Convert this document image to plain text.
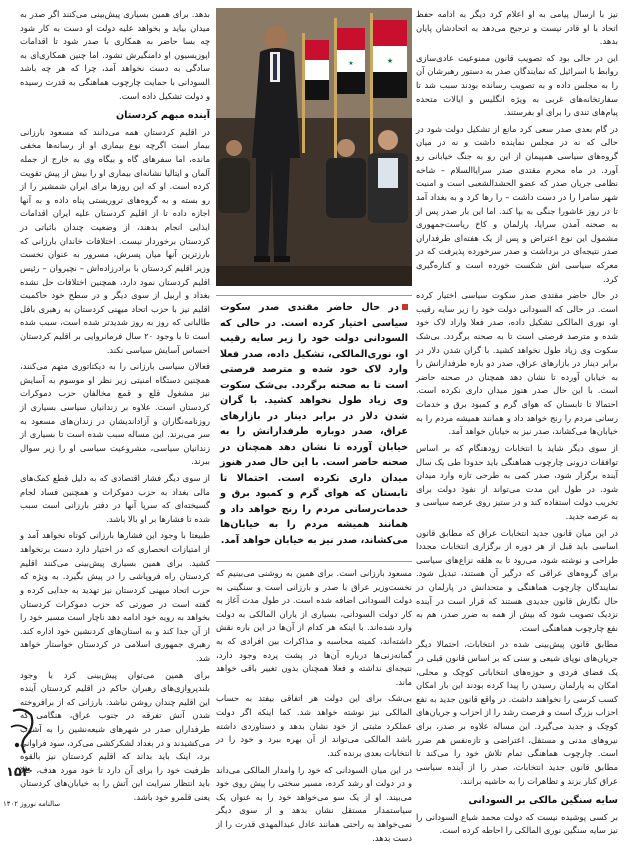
نیز با ارسال پیامی به او اعلام کرد دیگر به ادامه حفظ اتحاد با او قادر نیست و ترجیح می‌دهد به اتحادشان پایان بدهد.

این در حالی بود که تصویب قانون ممنوعیت عادی‌سازی روابط با اسرائیل که نمایندگان صدر به دستور رهبرشان آن را به مجلس داده و به تصویب رسانده بودند سبب شد تا سفارتخانه‌های غربی به ویژه انگلیس و ایالات متحده پیام‌های تندی را برای او بفرستند.

در گام بعدی صدر سعی کرد مانع از تشکیل دولت شود در حالی که نه در مجلس نماینده داشت و نه در میان گروه‌های سیاسی همپیمان از این رو به جنگ خیابانی رو آورد. در ماه محرم مقتدی صدر سرایاالسلام – شاخه نظامی جریان صدر که عضو الحشدالشعبی است و امنیت شهر سامرا را در دست داشت – را رها کرد و به بغداد آمد تا در روز عاشورا جنگی به بپا کند. اما این بار صدر پس از به صحنه آمدن سرایا، پارلمان و کاخ ریاست‌جمهوری مشمول این نوع اعتراض و پس از یک هفته‌ای طرفداران صدر نتیجه‌ای در برداشت و صدر سرخورده پذیرفت که در معرکه سیاسی اش شکست خورده است و کناره‌گیری کرد.

در حال حاضر مقتدی صدر سکوت سیاسی اختیار کرده است. در حالی که السودانی دولت خود را زیر سایه رقیب او، نوری المالکی تشکیل داده، صدر فعلا واراد لاک خود شده و مترصد فرصتی است تا به صحنه برگردد. بی‌شک سکوت وی زیاد طول نخواهد کشید. با گران شدن دلار در برابر دینار در بازارهای عراق، صدر دو باره طرفدارانش را به خیابان آورده تا نشان دهد همچنان در صحنه حاضر است. با این حال صدر هنوز میدان داری نکرده است. احتمالا تا تابستان که هوای گرم و کمبود برق و خدمات رسانی مردم را رنج خواهد داد و همانند همیشه مردم را به خیابان‌ها می‌کشاند، صدر نیز به خیابان خواهد آمد.

از سوی دیگر شاید با انتخابات زودهنگام که بر اساس توافقات درونی چارچوب هماهنگی باید حدودا طی یک سال آینده برگزار شود، صدر کمی به طرحی تازه وارد میدان شود. در طول این مدت می‌تواند از نفوذ دولت برای تخریب دولت استفاده کند و در ستیز روی عرصه سیاسی و به عرصه جدید.

در این میان قانون جدید انتخابات عراق که مطابق قانون اساسی باید قبل از هر دوره از برگزاری انتخابات مجددا طراحی و نوشته شود، می‌رود تا به هلقه نزاع‌های سیاسی برای گروه‌های عراقی که درگیر آن هستند، تبدیل شود. نمایندگان چارچوب هماهنگی و متحدانش در پارلمان در حال نگارش قانون جدیدی هستند که قرار است در آینده نزدیک تصویب شود که بیش از همه به ضرر صدر، هم به نفع چارچوب هماهنگی است.

مطابق قانون پیش‌بینی شده در انتخابات، احتمالا دیگر جریان‌های نوپای شیعی و سنی که بر اساس قانون قبلی در یک فضای فردی و حوزه‌های انتخاباتی کوچک و محلی، امکان به پارلمان رسیدن را پیدا کرده بودند این بار امکان کسب کرسی را نخواهند داشت. در واقع قانون جدید به نفع احزاب بزرگ است و فرصت رشد را از احزاب و جریان‌های کوچک و جدید می‌گیرد. این مساله علاوه بر صدر، برای نیروهای مدنی و مستقل، اعتراضی و تازه‌نفس هم ضرر است. چارچوب هماهنگی تمام تلاش خود را می‌کند تا مطابق قانون جدید انتخابات، صدر را از آینده سیاسی عراق کنار بزند و تظاهرات را به حاشیه برانند.

سایه سنگین مالکی بر السودانی

بر کسی پوشیده نیست که دولت محمد شیاع السودانی را نیز سایه سنگین نوری المالکی را احاطه کرده است.

★	★

در حال حاضر مقتدی صدر سکوت سیاسی اختیار کرده است. در حالی که السودانی دولت خود را زیر سایه رقیب او، نوری‌المالکی، تشکیل داده، صدر فعلا وارد لاک خود شده و مترصد فرصتی است تا به صحنه برگردد. بی‌شک سکوت وی زیاد طول نخواهد کشید. با گران شدن دلار در برابر دینار در بازارهای عراق، صدر دوباره طرفدارانش را به خیابان آورده تا نشان دهد همچنان در صحنه حاضر است. با این حال صدر هنوز میدان داری نکرده است. احتمالا تا تابستان که هوای گرم و کمبود برق و خدمات‌رسانی مردم را رنج خواهد داد و همانند همیشه مردم را به خیابان‌ها می‌کشاند، صدر نیز به خیابان خواهد آمد.

مسعود بارزانی است. برای همین به روشنی می‌بینیم که نخست‌وزیر عراق با صدر و بارزانی است و سنگینی به دولت السودانی اضافه شده است. در طول مدت آغاز به کار دولت السودانی، بسیاری از یاران المالکی به دولت وارد شده‌اند. با اینکه هر کدام از آن‌ها در این باره نقش داشته‌اند، کمیته محاسبه و مذاکرات بین افرادی که به گمانه‌زنی‌ها درباره آن‌ها در پشت پرده وجود دارد، نتیجه‌ای نداشته و فعلا همچنان بدون تغییر باقی خواهد ماند.

بی‌شک برای این دولت هر اتفاقی بیفتد به حساب المالکی نیز نوشته خواهد شد. کما اینکه اگر دولت عملکرد مثبتی از خود نشان بدهد و دستاوردی داشته باشد المالکی می‌تواند از آن بهره ببرد و خود را در انتخابات بعدی برنده کند.

در این میان السودانی که خود را وامدار المالکی می‌داند و در دولت او رشد کرده، مسیر سختی را پیش روی خود می‌بیند. او از یک سو می‌خواهد خود را به عنوان یک سیاستمدار مستقل نشان بدهد و از سوی دیگر نمی‌خواهد به راحتی همانند عادل عبدالمهدی قدرت را از دست بدهد.

بدهد. برای همین بسیاری پیش‌بینی می‌کنند اگر صدر به میدان بیاید و بخواهد علیه دولت او دست به کار شود چه بسا حاضر به همکاری با صدر شود تا اقدامات اپوزیسیون او دامنگیرش نشود. اما چنین همکاری‌ای به سادگی به دست نخواهد آمد، چرا که هر چه باشد السودانی با حمایت چارچوب هماهنگی به قدرت رسیده و دولت تشکیل داده است.

آینده مبهم کردستان

در اقلیم کردستان همه می‌دانند که مسعود بارزانی بیمار است اگرچه نوع بیماری او از رسانه‌ها مخفی مانده، اما سفرهای گاه و بیگاه وی به خارج از جمله آلمان و ایتالیا نشانه‌ای بیماری او را بیش از پیش تقویت کرده است. او که این روزها برای ایران شمشیر را از رو بسته و به گروه‌های تروریستی پناه داده و به آنها اجازه داده تا از اقلیم کردستان علیه ایران اقدامات ایذایی انجام بدهند، از وضعیت چندان باثباتی در کردستان برخوردار نیست. اختلافات خاندان بارزانی که بارزترین آنها میان پسرش، مسرور به عنوان نخست وزیر اقلیم کردستان با برادرزاده‌اش – نچیروان – رئیس اقلیم کردستان نمود دارد، همچنین اختلافات حل نشده بغداد و اربیل از سوی دیگر و در سطح خود حاکمیت اقلیم نیز با حزب اتحاد میهنی کردستان به رهبری بافل طالبانی که روز به روز شدیدتر شده است، سبب شده است تا با وجود ۲۰ سال فرمانروایی بر اقلیم کردستان احساس آسایش سیاسی نکند.

فعالان سیاسی بارزانی را به دیکتاتوری متهم می‌کنند، همچنین دستگاه امنیتی زیر نظر او موسوم به آسایش نیز مشغول قلع و قمع مخالفان حزب دموکرات کردستان است. علاوه بر زندانیان سیاسی بسیاری از روزنامه‌نگاران و آزاداندیشان در زندان‌های مسعود به سر می‌برند. این مساله سبب شده است تا بسیاری از زندانیان سیاسی، مشروعیت سیاسی او را زیر سوال ببرند.

از سوی دیگر فشار اقتصادی که به دلیل قطع کمک‌های مالی بغداد به حزب دموکرات و همچنین فساد لجام گسیخته‌ای که سرپا آنها در دفتر بارزانی است سبب شده تا فشارها بر او بالا باشد.

طبیعتا با وجود این فشارها بارزانی کوتاه نخواهد آمد و از امتیازات انحصاری که در اختیار دارد دست برنخواهد کشید. برای همین بسیاری پیش‌بینی می‌کنند اقلیم کردستان راه فروپاشی را در پیش بگیرد. به ویژه که حزب اتحاد میهنی کردستان نیز تهدید به جدایی کرده و گفته است در صورتی که حزب دموکرات کردستان بخواهد به رویه خود ادامه دهد ناچار است مسیر خود را از آن جدا کند و به استان‌های کردنشین خود اداره کند. رهبری جمهوری اسلامی در کردستان خواستار خواهد شد.

برای همین می‌توان پیش‌بینی کرد با وجود بلندپروازی‌های رهبران حاکم در اقلیم کردستان آینده این اقلیم چندان روشن نباشد. بارزانی که از برافروخته شدن آتش تفرقه در جنوب عراق، هنگامی که طرفداران صدر در شهرهای شیعه‌نشین را به آشوب می‌کشیدند و در بغداد لشکرکشی می‌کرد، سود فراوانی برد، اینک باید بداند که اقلیم کردستان نیز بالقوه ظرفیت خود را برای آن دارد تا خود مورد هدف، حالا باید انتظار سرایت این آتش را به خیابان‌های کردستان یعنی قلمرو خود باشد.

۱۵۳
سالنامه نوروز ۱۴۰۲
